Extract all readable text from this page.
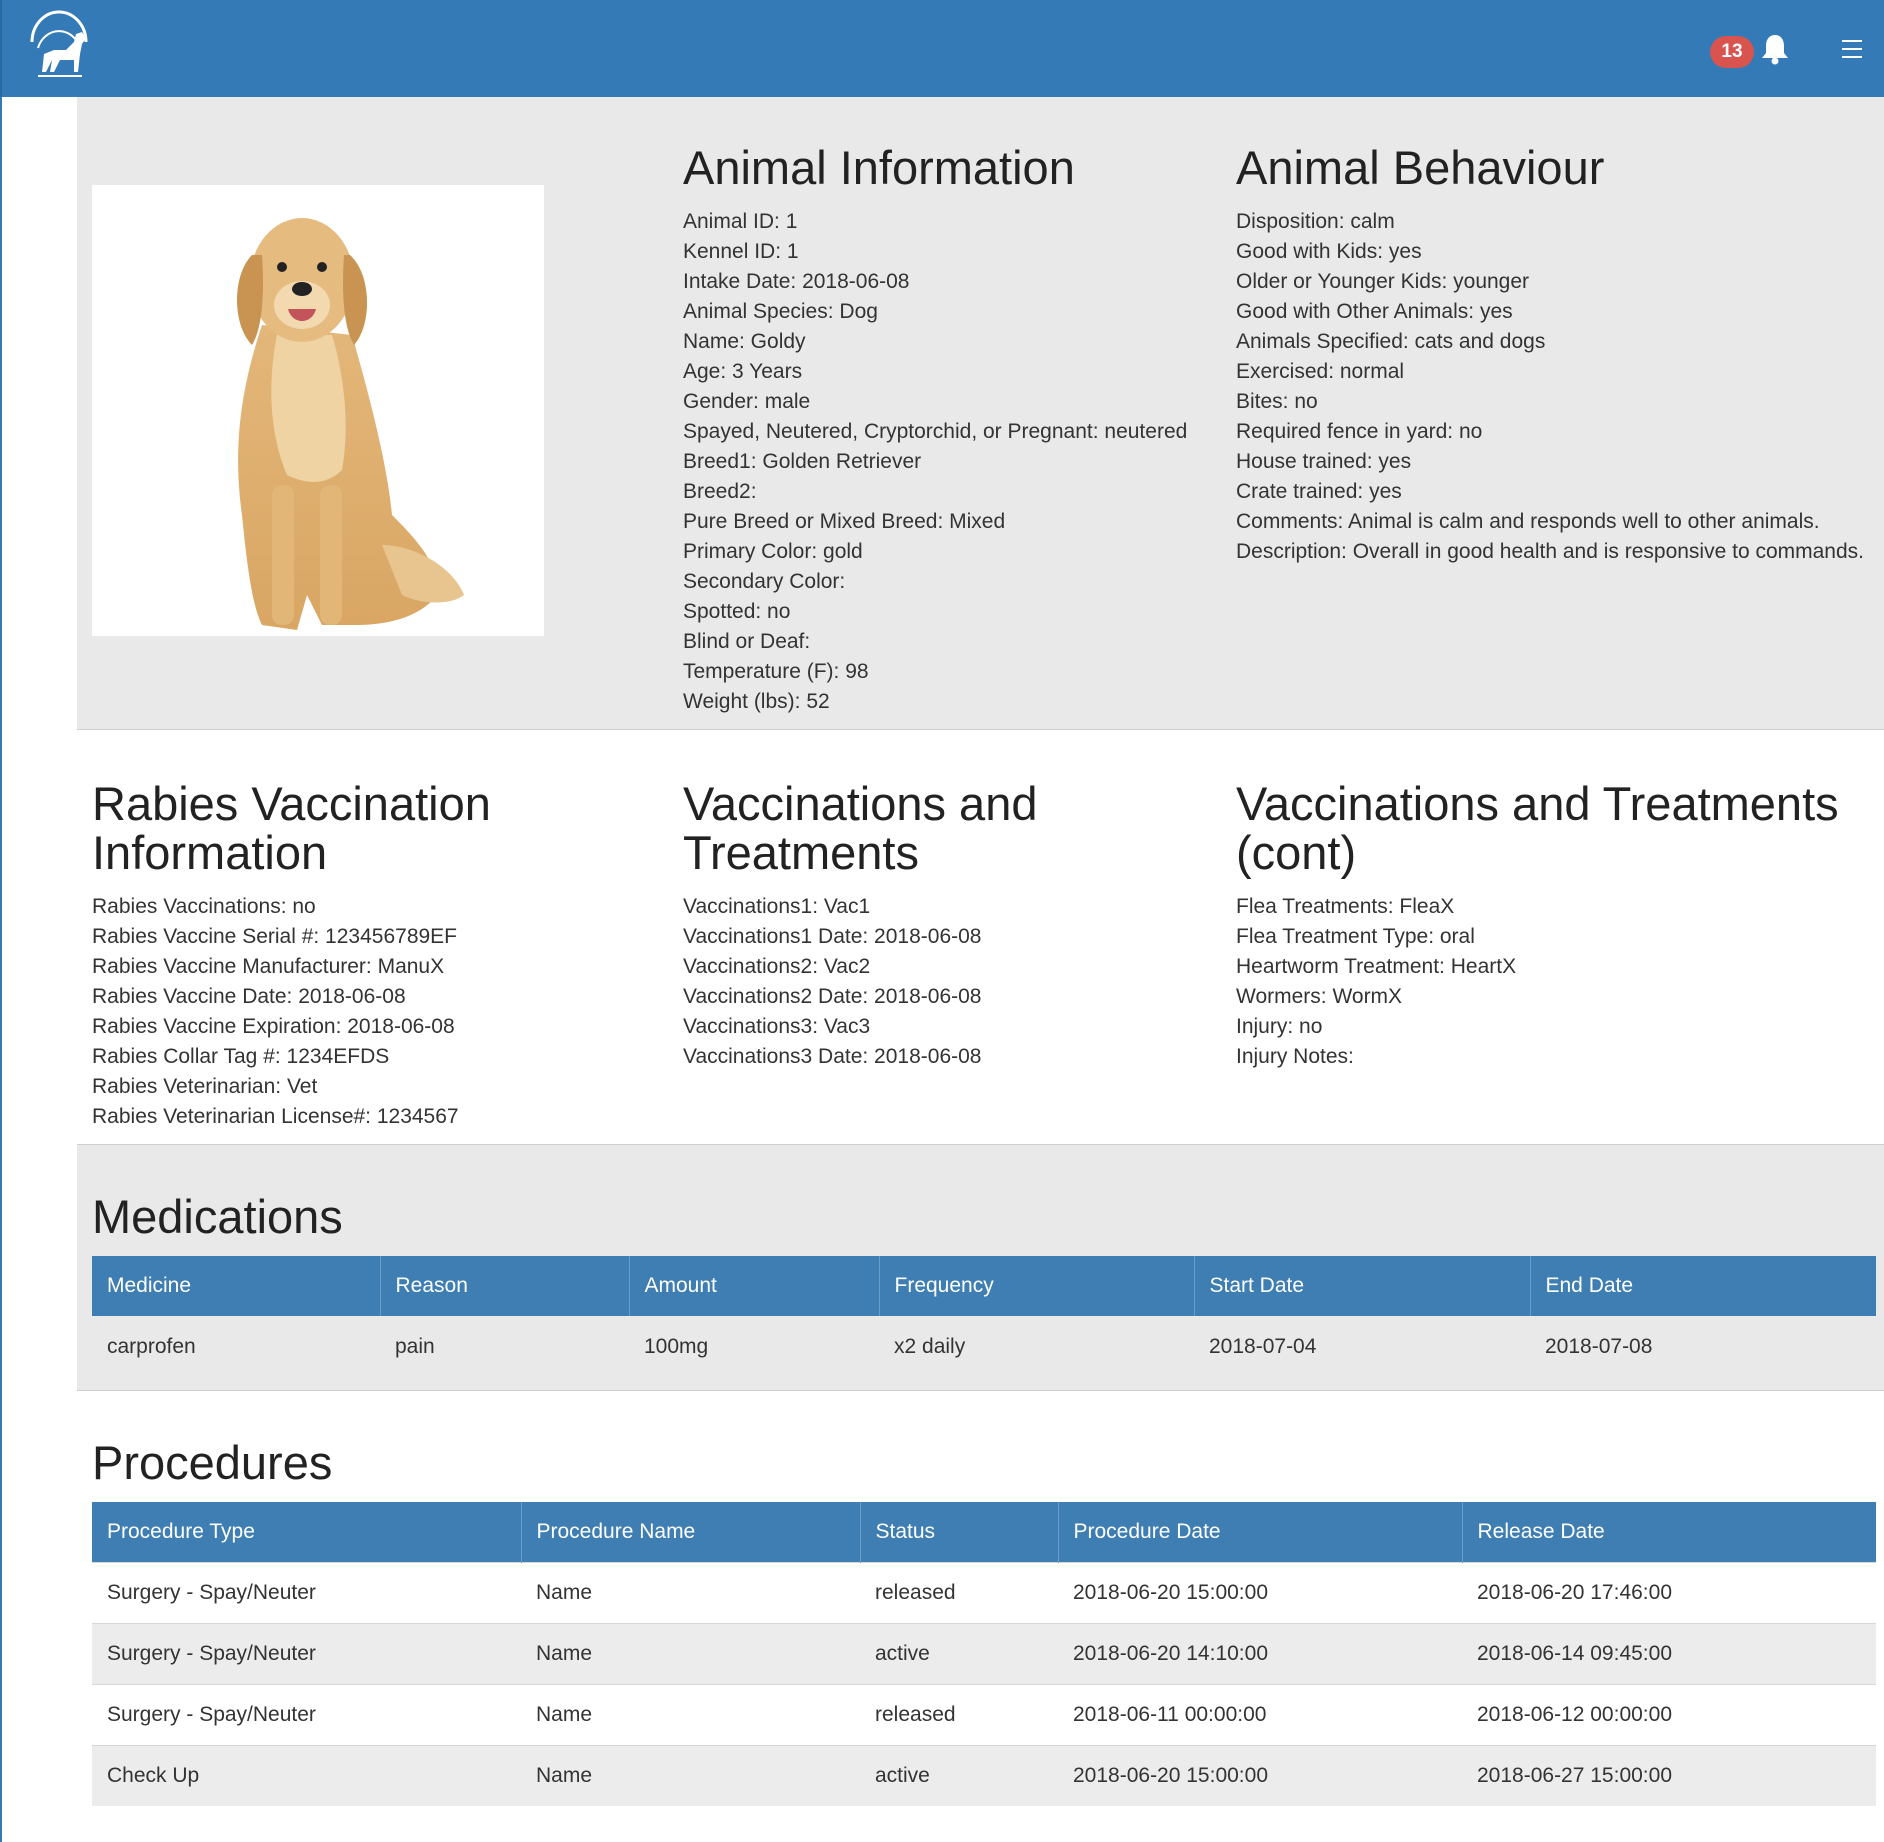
13
Animal Information
Animal ID: 1
Kennel ID: 1
Intake Date: 2018-06-08
Animal Species: Dog
Name: Goldy
Age: 3 Years
Gender: male
Spayed, Neutered, Cryptorchid, or Pregnant: neutered
Breed1: Golden Retriever
Breed2:
Pure Breed or Mixed Breed: Mixed
Primary Color: gold
Secondary Color:
Spotted: no
Blind or Deaf:
Temperature (F): 98
Weight (lbs): 52
Animal Behaviour
Disposition: calm
Good with Kids: yes
Older or Younger Kids: younger
Good with Other Animals: yes
Animals Specified: cats and dogs
Exercised: normal
Bites: no
Required fence in yard: no
House trained: yes
Crate trained: yes
Comments: Animal is calm and responds well to other animals.
Description: Overall in good health and is responsive to commands.
Rabies Vaccination
Information
Rabies Vaccinations: no
Rabies Vaccine Serial #: 123456789EF
Rabies Vaccine Manufacturer: ManuX
Rabies Vaccine Date: 2018-06-08
Rabies Vaccine Expiration: 2018-06-08
Rabies Collar Tag #: 1234EFDS
Rabies Veterinarian: Vet
Rabies Veterinarian License#: 1234567
Vaccinations and
Treatments
Vaccinations1: Vac1
Vaccinations1 Date: 2018-06-08
Vaccinations2: Vac2
Vaccinations2 Date: 2018-06-08
Vaccinations3: Vac3
Vaccinations3 Date: 2018-06-08
Vaccinations and Treatments
(cont)
Flea Treatments: FleaX
Flea Treatment Type: oral
Heartworm Treatment: HeartX
Wormers: WormX
Injury: no
Injury Notes:
Medications
Medicine	Reason	Amount	Frequency	Start Date	End Date
carprofen	pain	100mg	x2 daily	2018-07-04	2018-07-08
Procedures
Procedure Type	Procedure Name	Status	Procedure Date	Release Date
Surgery - Spay/Neuter	Name	released	2018-06-20 15:00:00	2018-06-20 17:46:00
Surgery - Spay/Neuter	Name	active	2018-06-20 14:10:00	2018-06-14 09:45:00
Surgery - Spay/Neuter	Name	released	2018-06-11 00:00:00	2018-06-12 00:00:00
Check Up	Name	active	2018-06-20 15:00:00	2018-06-27 15:00:00
